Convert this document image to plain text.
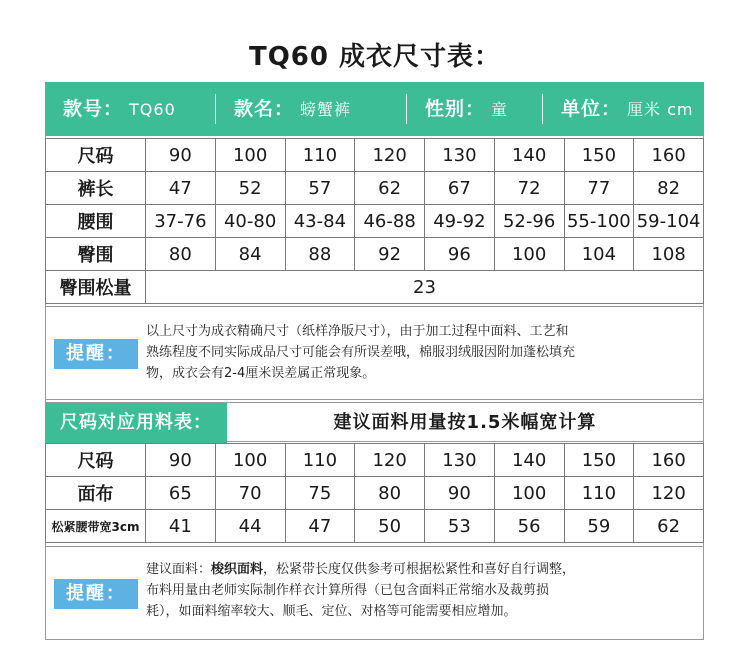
TQ60 成衣尺寸表：
款号： TQ60	款名： 螃蟹裤	性别： 童	单位： 厘米 cm
尺码	90	100	110	120	130	140	150	160
裤长	47	52	57	62	67	72	77	82
腰围	37-76	40-80	43-84	46-88	49-92	52-96	55-100	59-104
臀围	80	84	88	92	96	100	104	108
臀围松量	23							
提醒：
以上尺寸为成衣精确尺寸（纸样净版尺寸），由于加工过程中面料、工艺和
熟练程度不同实际成品尺寸可能会有所误差哦，棉服羽绒服因附加蓬松填充
物，成衣会有2-4厘米误差属正常现象。
尺码对应用料表：	建议面料用量按1.5米幅宽计算
尺码	90	100	110	120	130	140	150	160
面布	65	70	75	80	90	100	110	120
松紧腰带宽3cm	41	44	47	50	53	56	59	62
提醒：
建议面料：梭织面料，松紧带长度仅供参考可根据松紧性和喜好自行调整，
布料用量由老师实际制作样衣计算所得（已包含面料正常缩水及裁剪损
耗），如面料缩率较大、顺毛、定位、对格等可能需要相应增加。
